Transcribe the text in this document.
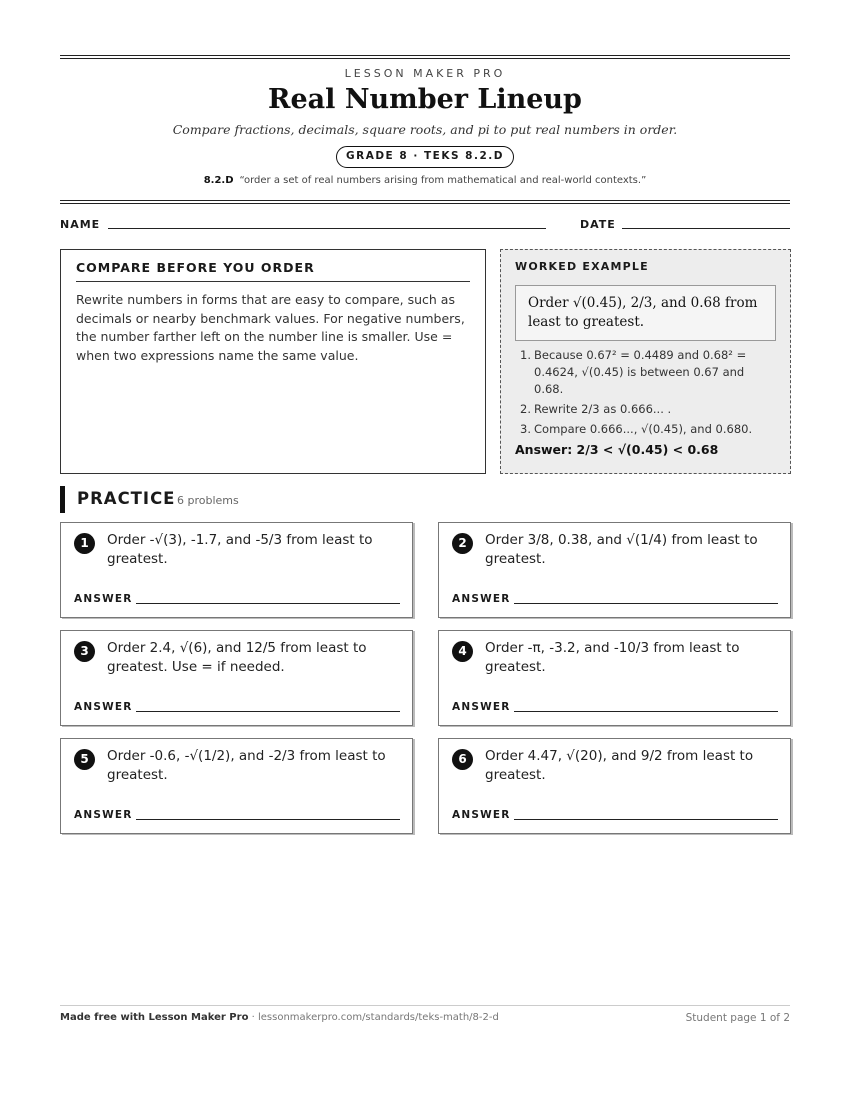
LESSON MAKER PRO
Real Number Lineup
Compare fractions, decimals, square roots, and pi to put real numbers in order.
GRADE 8 · TEKS 8.2.D
8.2.D “order a set of real numbers arising from mathematical and real-world contexts.”
NAME	DATE
COMPARE BEFORE YOU ORDER

Rewrite numbers in forms that are easy to compare, such as decimals or nearby benchmark values. For negative numbers, the number farther left on the number line is smaller. Use = when two expressions name the same value.

WORKED EXAMPLE
Order √(0.45), 2/3, and 0.68 from least to greatest.
1. Because 0.67² = 0.4489 and 0.68² = 0.4624, √(0.45) is between 0.67 and 0.68.
2. Rewrite 2/3 as 0.666... .
3. Compare 0.666..., √(0.45), and 0.680.
Answer: 2/3 < √(0.45) < 0.68
PRACTICE 6 problems
1	Order -√(3), -1.7, and -5/3 from least to greatest.
ANSWER
2	Order 3/8, 0.38, and √(1/4) from least to greatest.
ANSWER
3	Order 2.4, √(6), and 12/5 from least to greatest. Use = if needed.
ANSWER
4	Order -π, -3.2, and -10/3 from least to greatest.
ANSWER
5	Order -0.6, -√(1/2), and -2/3 from least to greatest.
ANSWER
6	Order 4.47, √(20), and 9/2 from least to greatest.
ANSWER
Made free with Lesson Maker Pro · lessonmakerpro.com/standards/teks-math/8-2-d	Student page 1 of 2
